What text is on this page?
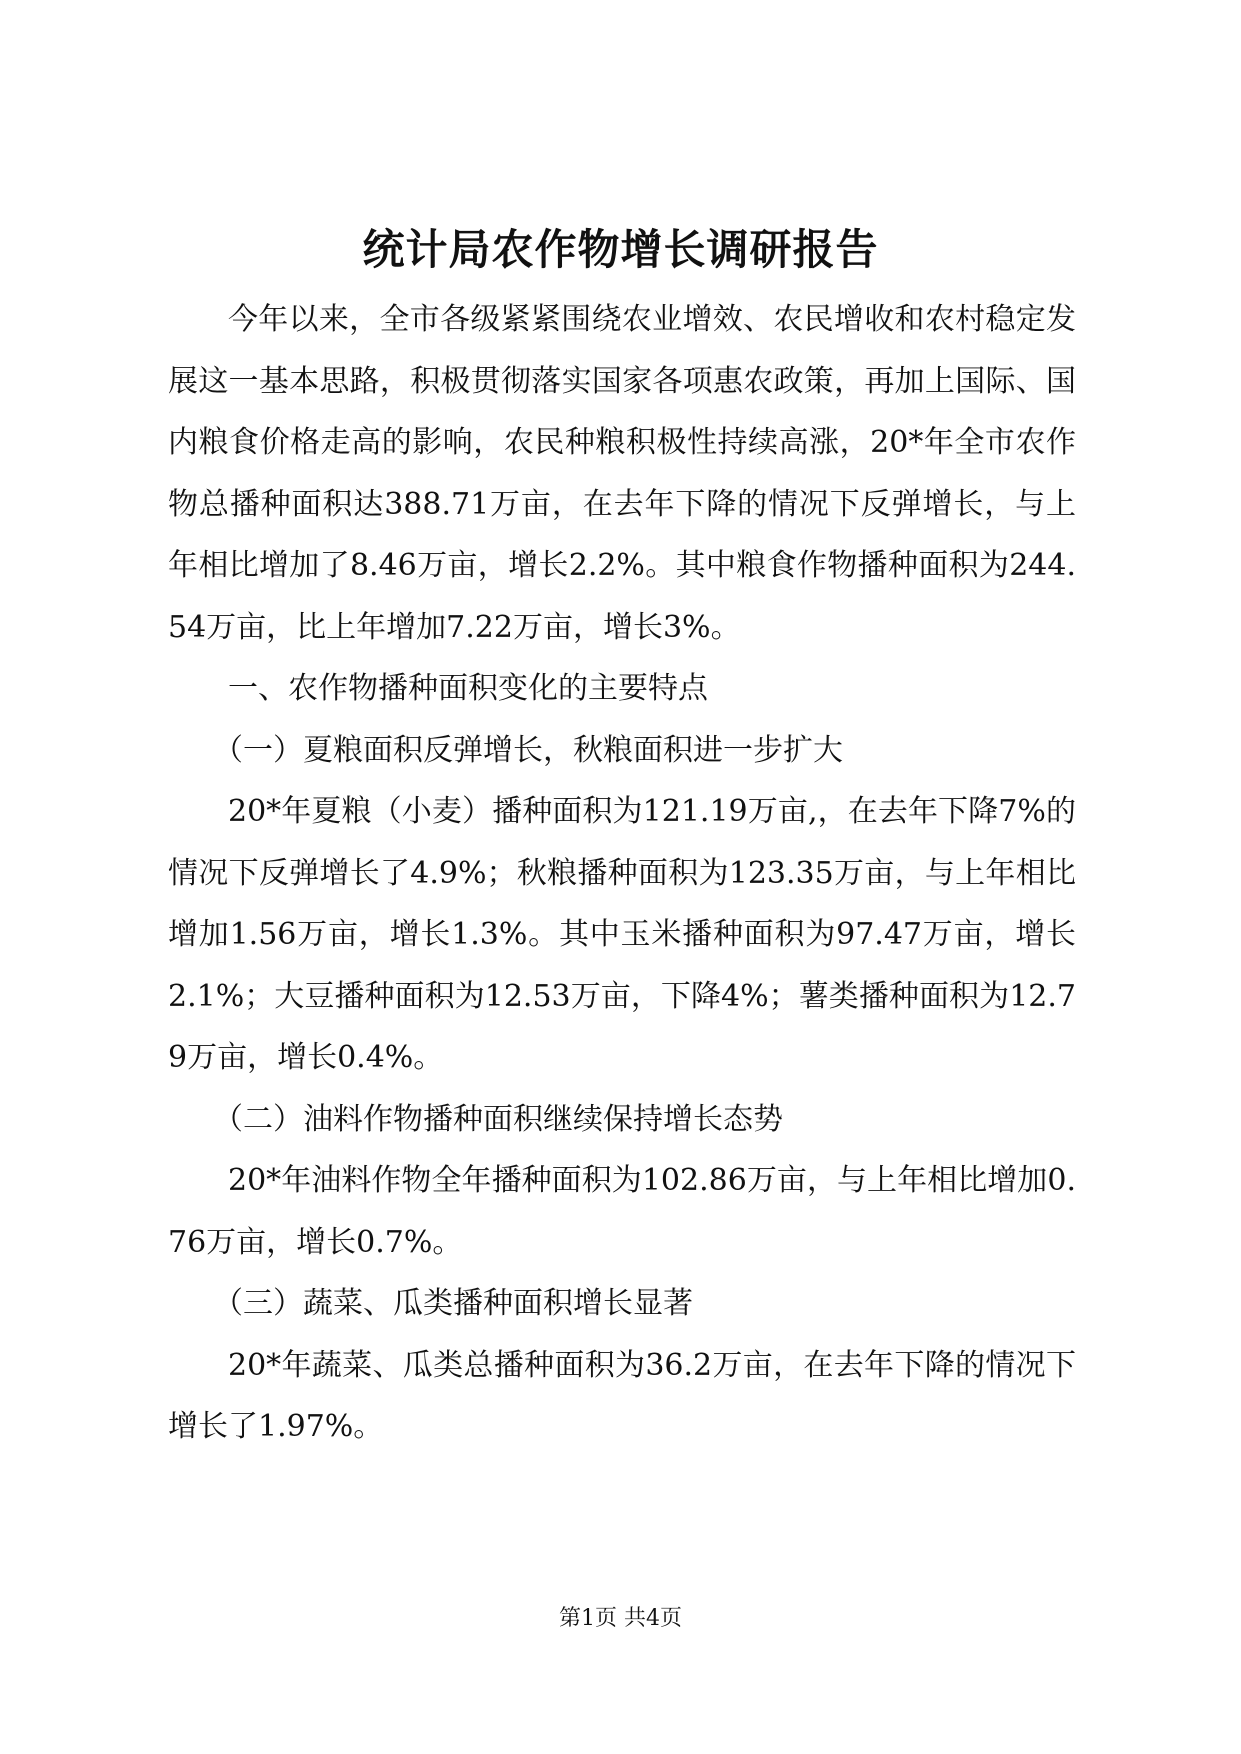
统计局农作物增长调研报告

今年以来，全市各级紧紧围绕农业增效、农民增收和农村稳定发展这一基本思路，积极贯彻落实国家各项惠农政策，再加上国际、国内粮食价格走高的影响，农民种粮积极性持续高涨，20*年全市农作物总播种面积达388.71万亩，在去年下降的情况下反弹增长，与上年相比增加了8.46万亩，增长2.2%。其中粮食作物播种面积为244.54万亩，比上年增加7.22万亩，增长3%。

一、农作物播种面积变化的主要特点

（一）夏粮面积反弹增长，秋粮面积进一步扩大

20*年夏粮（小麦）播种面积为121.19万亩,，在去年下降7%的情况下反弹增长了4.9%；秋粮播种面积为123.35万亩，与上年相比增加1.56万亩，增长1.3%。其中玉米播种面积为97.47万亩，增长2.1%；大豆播种面积为12.53万亩，下降4%；薯类播种面积为12.79万亩，增长0.4%。

（二）油料作物播种面积继续保持增长态势

20*年油料作物全年播种面积为102.86万亩，与上年相比增加0.76万亩，增长0.7%。

（三）蔬菜、瓜类播种面积增长显著

20*年蔬菜、瓜类总播种面积为36.2万亩，在去年下降的情况下增长了1.97%。

第1页 共4页
